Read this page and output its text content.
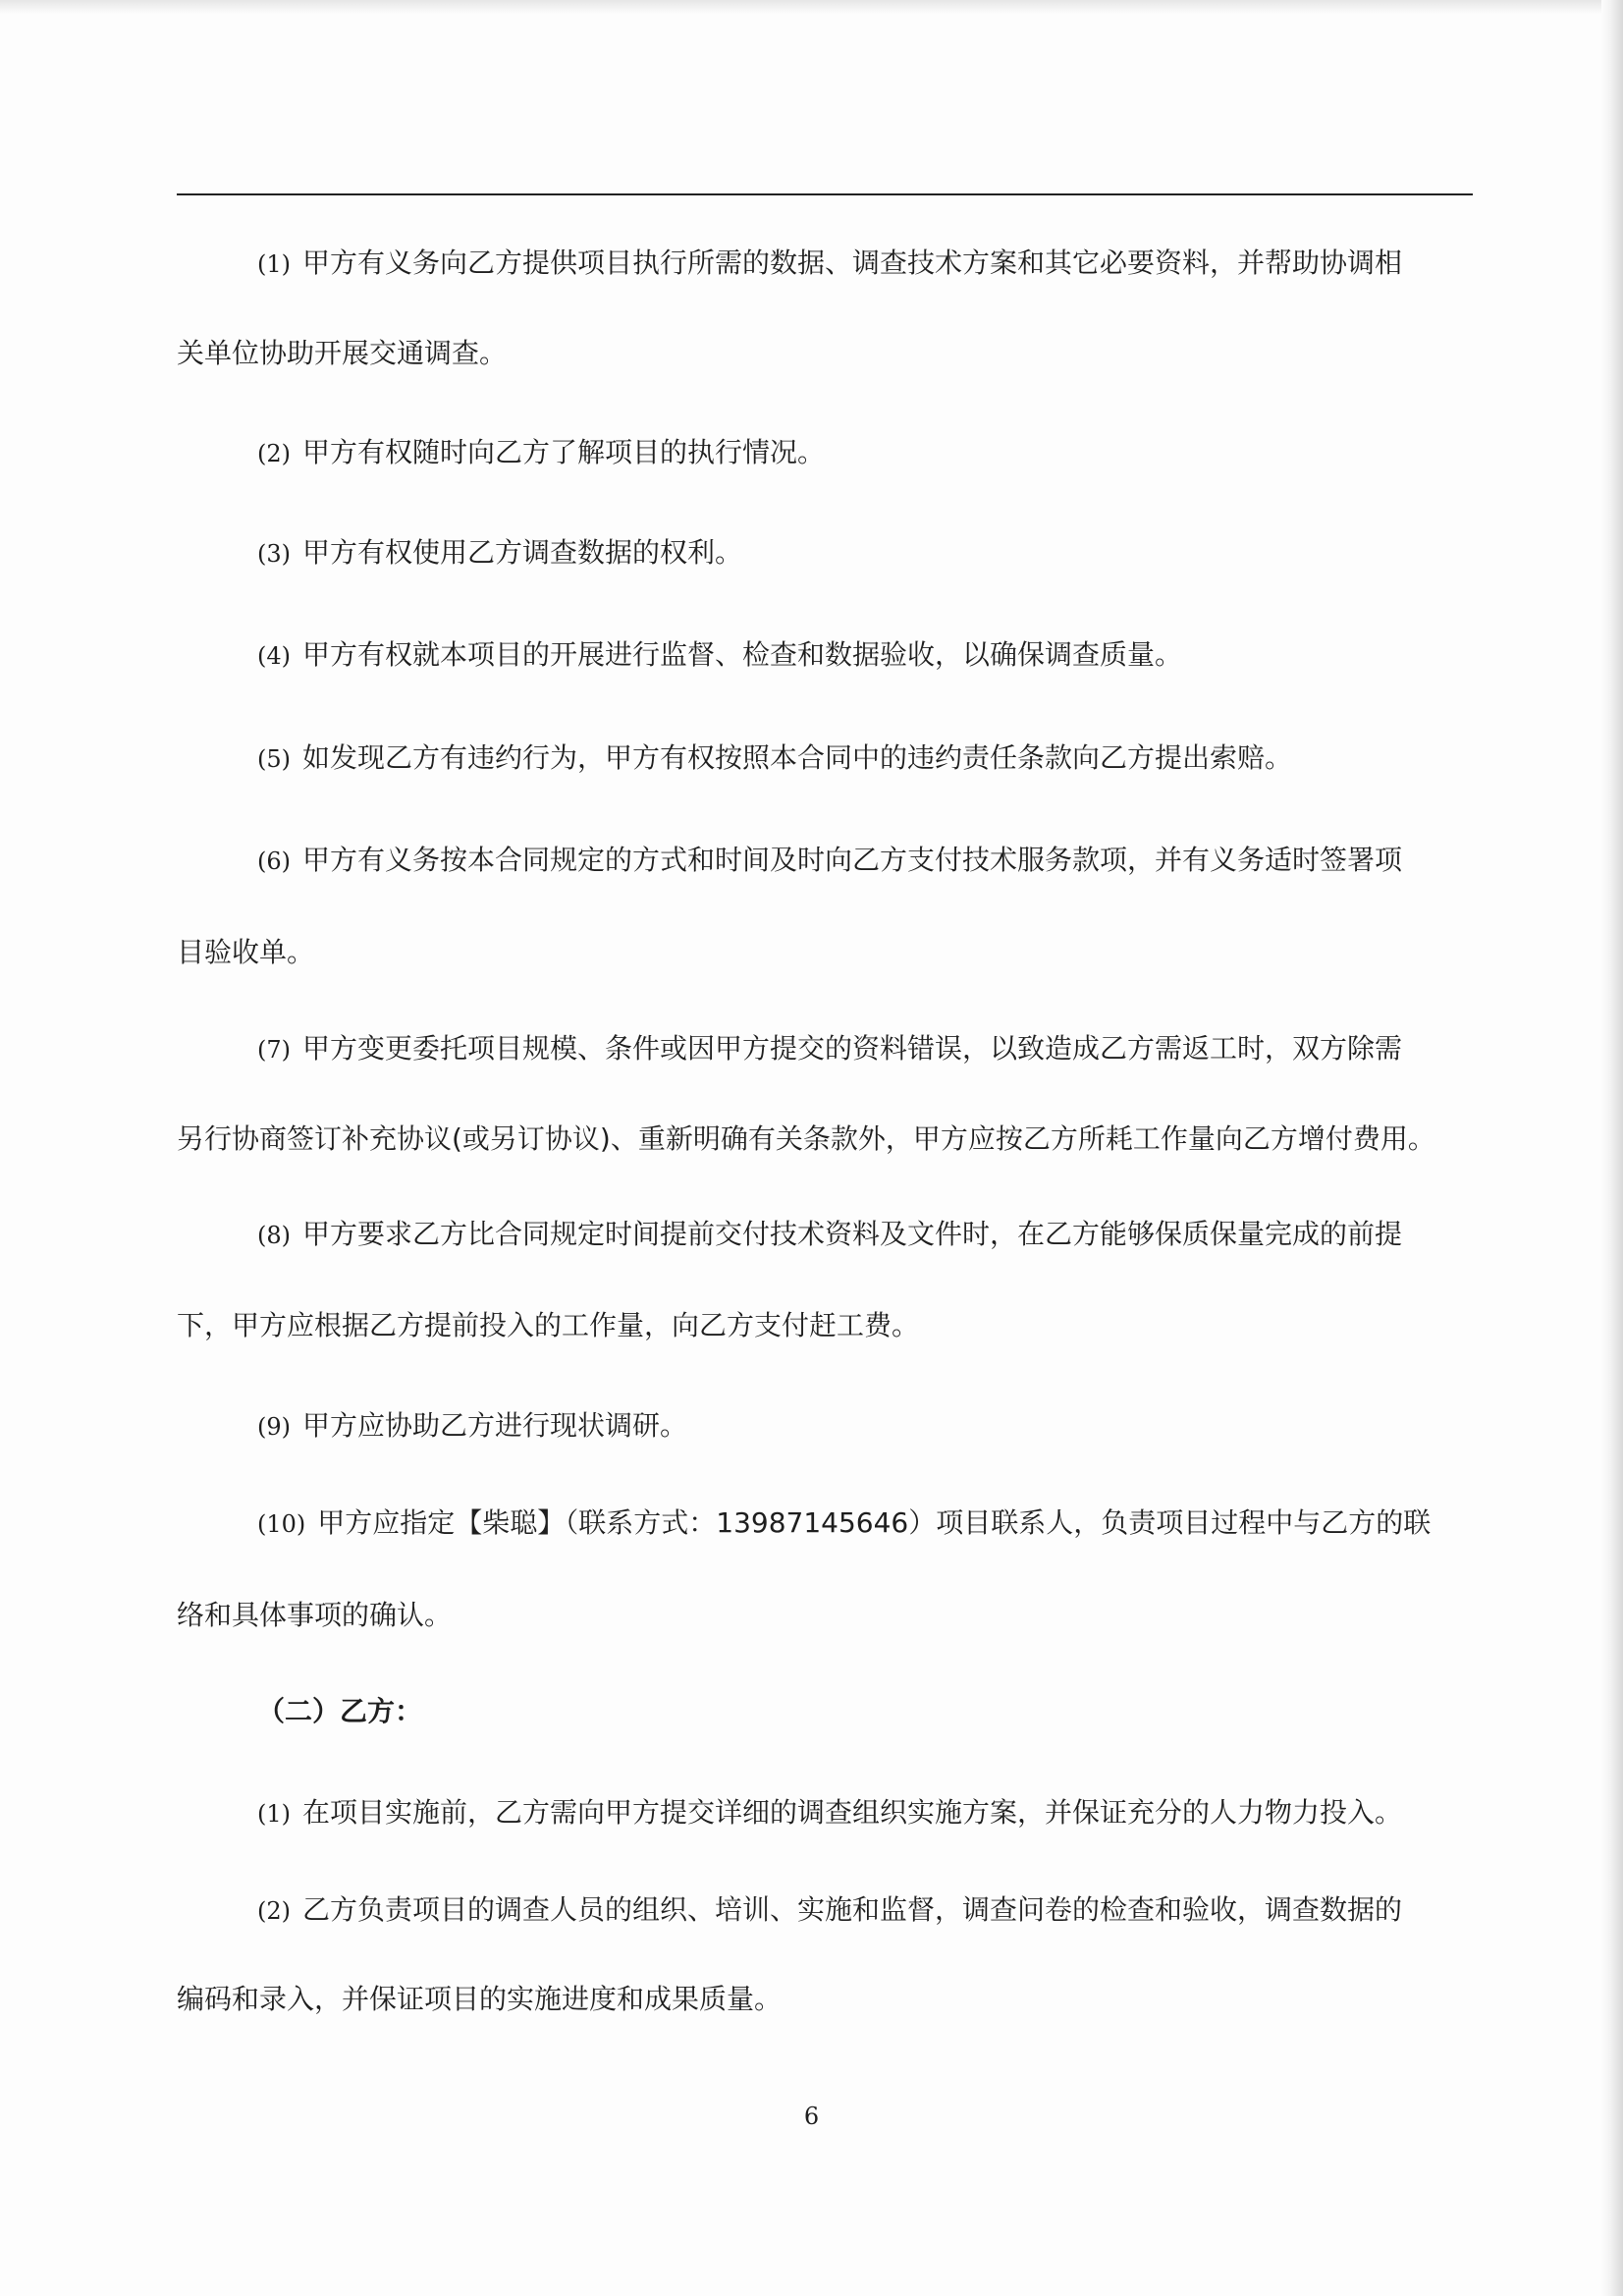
(1) 甲方有义务向乙方提供项目执行所需的数据、调查技术方案和其它必要资料，并帮助协调相

关单位协助开展交通调查。

(2) 甲方有权随时向乙方了解项目的执行情况。

(3) 甲方有权使用乙方调查数据的权利。

(4) 甲方有权就本项目的开展进行监督、检查和数据验收，以确保调查质量。

(5) 如发现乙方有违约行为，甲方有权按照本合同中的违约责任条款向乙方提出索赔。

(6) 甲方有义务按本合同规定的方式和时间及时向乙方支付技术服务款项，并有义务适时签署项

目验收单。

(7) 甲方变更委托项目规模、条件或因甲方提交的资料错误，以致造成乙方需返工时，双方除需

另行协商签订补充协议(或另订协议)、重新明确有关条款外，甲方应按乙方所耗工作量向乙方增付费用。

(8) 甲方要求乙方比合同规定时间提前交付技术资料及文件时，在乙方能够保质保量完成的前提

下，甲方应根据乙方提前投入的工作量，向乙方支付赶工费。

(9) 甲方应协助乙方进行现状调研。

(10) 甲方应指定【柴聪】（联系方式：13987145646）项目联系人，负责项目过程中与乙方的联

络和具体事项的确认。

（二）乙方：

(1) 在项目实施前，乙方需向甲方提交详细的调查组织实施方案，并保证充分的人力物力投入。

(2) 乙方负责项目的调查人员的组织、培训、实施和监督，调查问卷的检查和验收，调查数据的

编码和录入，并保证项目的实施进度和成果质量。

6
